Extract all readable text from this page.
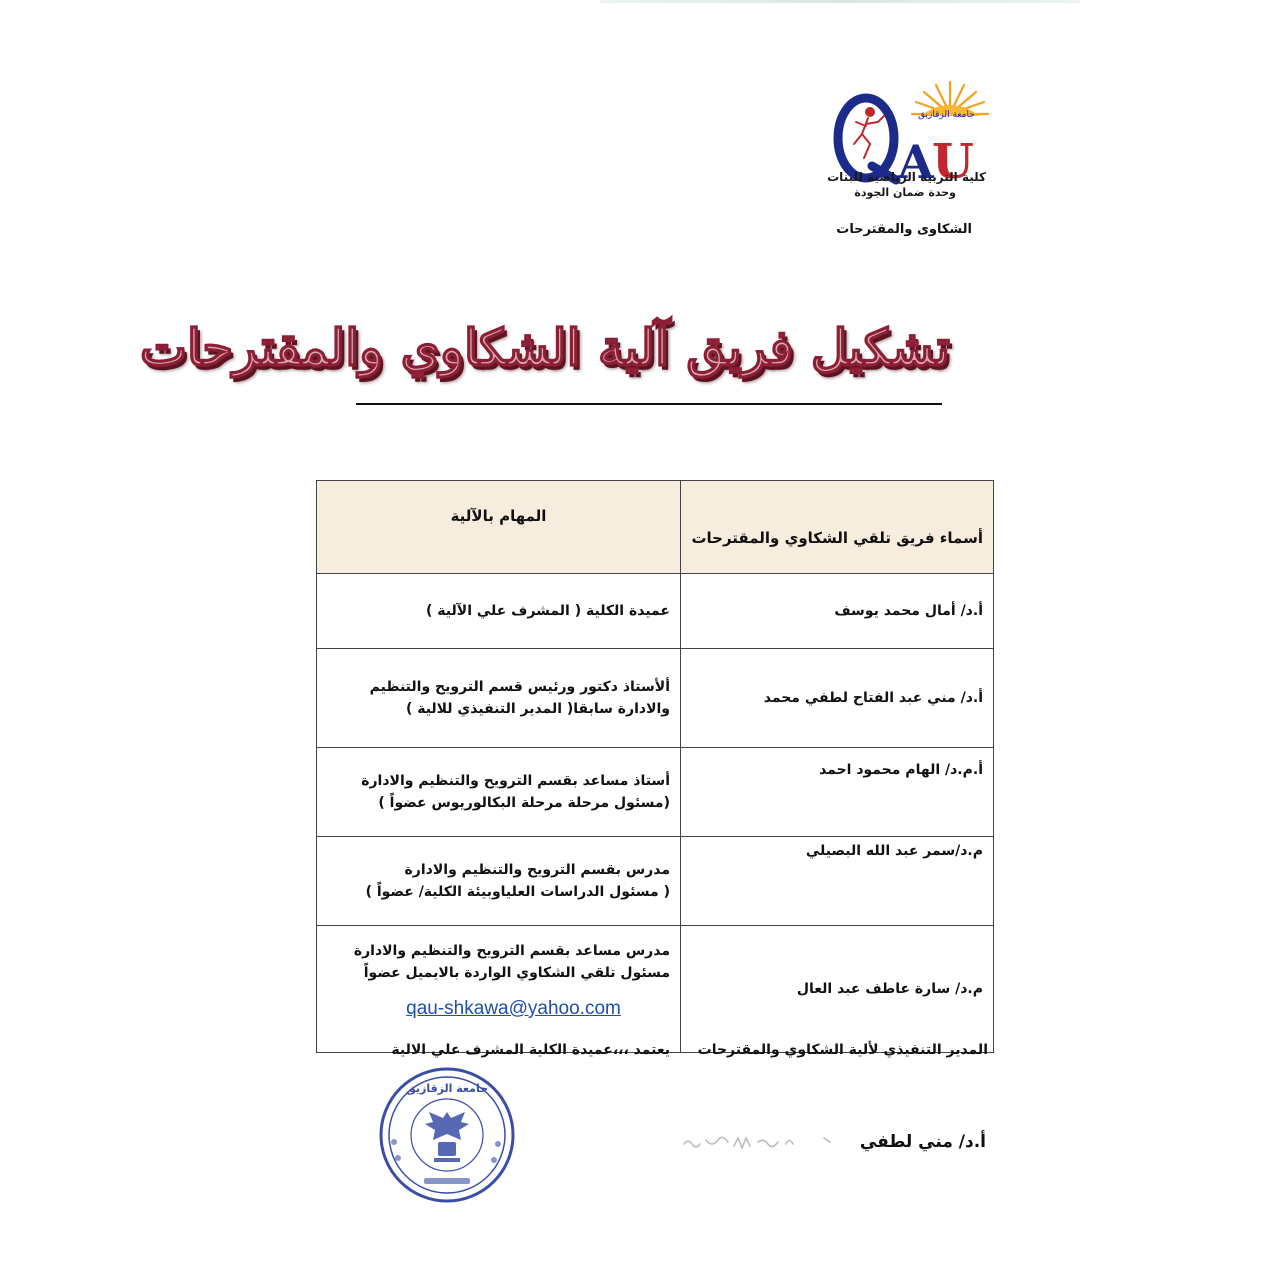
A
U
جامعة الزقازيق
كلية التربية الرياضية للبنات
وحدة ضمان الجودة
الشكاوى والمقترحات
تشكيل فريق آلية الشكاوي والمقترحات
أسماء فريق تلقي الشكاوي والمقترحات	المهام بالآلية
أ.د/ أمال محمد يوسف	عميدة الكلية ( المشرف علي الآلية )

أ.د/ مني عبد الفتاح لطفي محمد	ألأستاذ دكتور ورئيس قسم الترويح والتنظيم
والادارة سابقا( المدير التنفيذي للالية )

أ.م.د/ الهام محمود احمد	أستاذ مساعد بقسم الترويح والتنظيم والادارة
(مسئول مرحلة مرحلة البكالوريوس عضواً )

م.د/سمر عبد الله البصيلي	مدرس بقسم الترويح والتنظيم والادارة
( مسئول الدراسات العلياوبيئة الكلية/ عضواً )

م.د/ سارة عاطف عبد العال	مدرس مساعد بقسم الترويح والتنظيم والادارة
مسئول تلقي الشكاوي الواردة بالايميل عضواً
qau-shkawa@yahoo.com
المدير التنفيذي لألية الشكاوي والمقترحات
يعتمد ،،،عميدة الكلية المشرف علي الالية
أ.د/ مني لطفي
جامعة الزقازيق
